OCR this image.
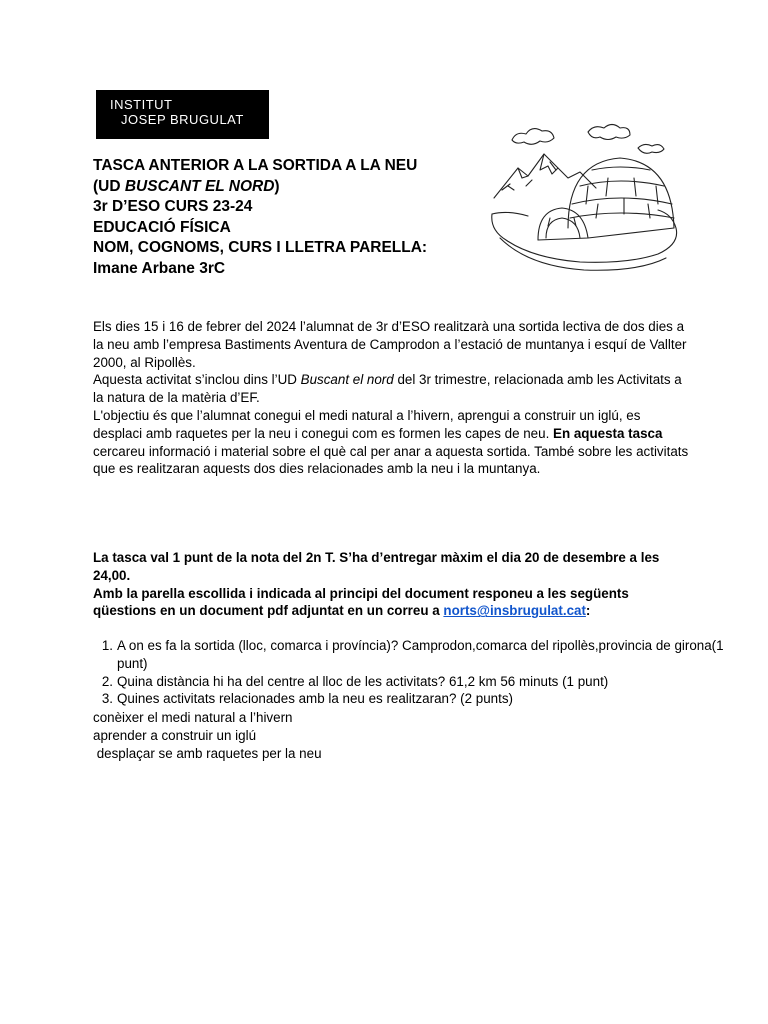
INSTITUT
JOSEP BRUGULAT
TASCA ANTERIOR A LA SORTIDA A LA NEU
(UD BUSCANT EL NORD)
3r D’ESO CURS 23-24
EDUCACIÓ FÍSICA
NOM, COGNOMS, CURS I LLETRA PARELLA:
Imane Arbane 3rC
Els dies 15 i 16 de febrer del 2024 l’alumnat de 3r d’ESO realitzarà una sortida lectiva de dos dies a la neu amb l’empresa Bastiments Aventura de Camprodon a l’estació de muntanya i esquí de Vallter 2000, al Ripollès.
Aquesta activitat s’inclou dins l’UD Buscant el nord del 3r trimestre, relacionada amb les Activitats a la natura de la matèria d’EF.
L'objectiu és que l’alumnat conegui el medi natural a l’hivern, aprengui a construir un iglú, es desplaci amb raquetes per la neu i conegui com es formen les capes de neu. En aquesta tasca cercareu informació i material sobre el què cal per anar a aquesta sortida. També sobre les activitats que es realitzaran aquests dos dies relacionades amb la neu i la muntanya.
La tasca val 1 punt de la nota del 2n T. S’ha d’entregar màxim el dia 20 de desembre a les 24,00.
Amb la parella escollida i indicada al principi del document responeu a les següents qüestions en un document pdf adjuntat en un correu a norts@insbrugulat.cat:
1. A on es fa la sortida (lloc, comarca i província)? Camprodon,comarca del ripollès,provincia de girona(1 punt)
2. Quina distància hi ha del centre al lloc de les activitats? 61,2 km 56 minuts (1 punt)
3. Quines activitats relacionades amb la neu es realitzaran? (2 punts)
conèixer el medi natural a l’hivern
aprender a construir un iglú
desplaçar se amb raquetes per la neu
